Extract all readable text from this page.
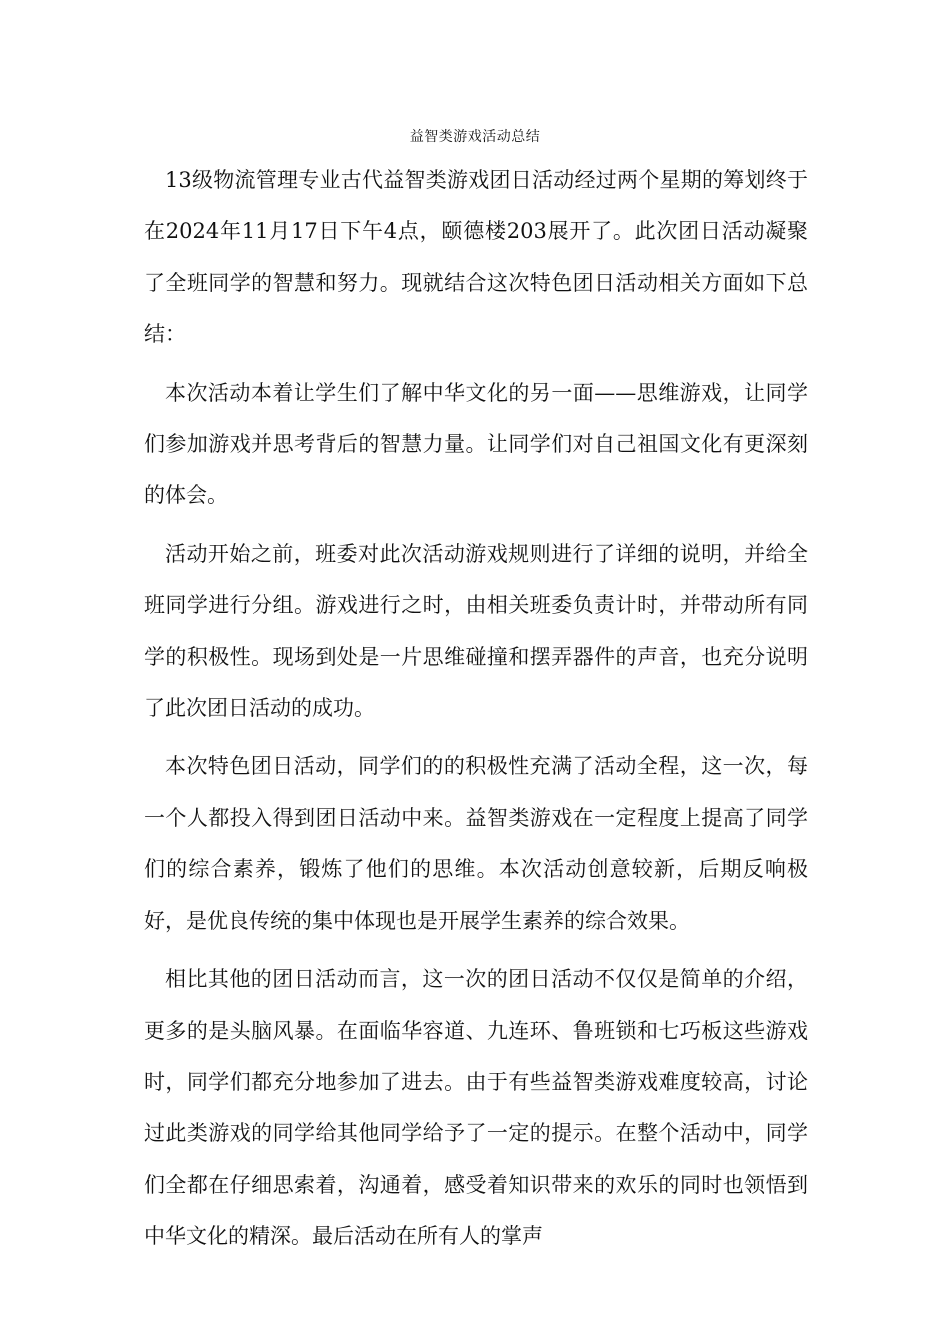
益智类游戏活动总结

13级物流管理专业古代益智类游戏团日活动经过两个星期的筹划终于在2024年11月17日下午4点，颐德楼203展开了。此次团日活动凝聚了全班同学的智慧和努力。现就结合这次特色团日活动相关方面如下总结：

本次活动本着让学生们了解中华文化的另一面——思维游戏，让同学们参加游戏并思考背后的智慧力量。让同学们对自己祖国文化有更深刻的体会。

活动开始之前，班委对此次活动游戏规则进行了详细的说明，并给全班同学进行分组。游戏进行之时，由相关班委负责计时，并带动所有同学的积极性。现场到处是一片思维碰撞和摆弄器件的声音，也充分说明了此次团日活动的成功。

本次特色团日活动，同学们的的积极性充满了活动全程，这一次，每一个人都投入得到团日活动中来。益智类游戏在一定程度上提高了同学们的综合素养，锻炼了他们的思维。本次活动创意较新，后期反响极好，是优良传统的集中体现也是开展学生素养的综合效果。

相比其他的团日活动而言，这一次的团日活动不仅仅是简单的介绍，更多的是头脑风暴。在面临华容道、九连环、鲁班锁和七巧板这些游戏时，同学们都充分地参加了进去。由于有些益智类游戏难度较高，讨论过此类游戏的同学给其他同学给予了一定的提示。在整个活动中，同学们全都在仔细思索着，沟通着，感受着知识带来的欢乐的同时也领悟到中华文化的精深。最后活动在所有人的掌声
